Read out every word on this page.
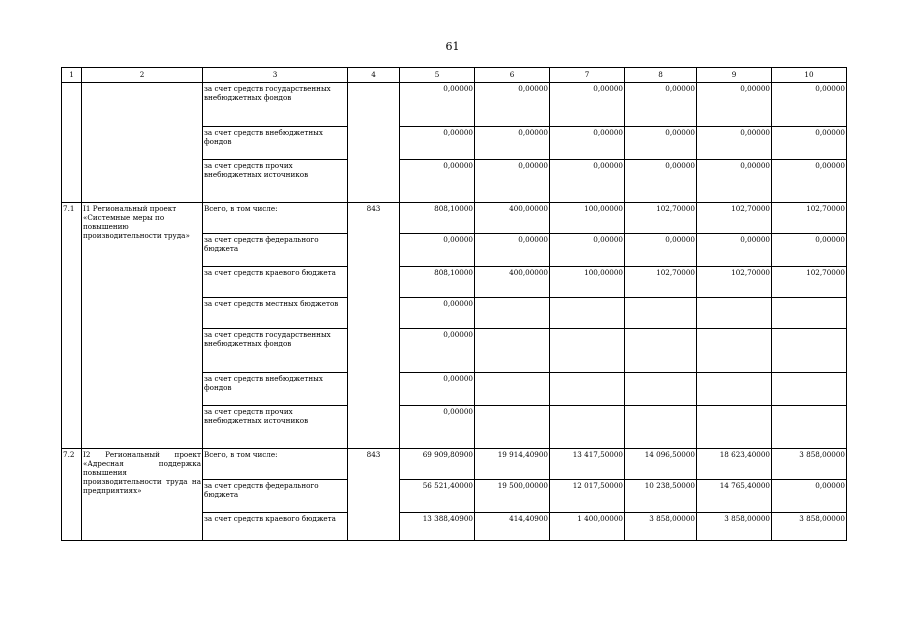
61
1	2	3	4	5	6	7	8	9	10
		за счет средств государственных внебюджетных фондов		0,00000	0,00000	0,00000	0,00000	0,00000	0,00000
		за счет средств внебюджетных фондов		0,00000	0,00000	0,00000	0,00000	0,00000	0,00000
		за счет средств прочих внебюджетных источников		0,00000	0,00000	0,00000	0,00000	0,00000	0,00000
7.1	I1 Региональный проект «Системные меры по повышению производительности труда»	Всего, в том числе:	843	808,10000	400,00000	100,00000	102,70000	102,70000	102,70000
		за счет средств федерального бюджета		0,00000	0,00000	0,00000	0,00000	0,00000	0,00000
		за счет средств краевого бюджета		808,10000	400,00000	100,00000	102,70000	102,70000	102,70000
		за счет средств местных бюджетов		0,00000					
		за счет средств государственных внебюджетных фондов		0,00000					
		за счет средств внебюджетных фондов		0,00000					
		за счет средств прочих внебюджетных источников		0,00000					
7.2	I2 Региональный проект «Адресная поддержка повышения производительности труда на предприятиях»	Всего, в том числе:	843	69 909,80900	19 914,40900	13 417,50000	14 096,50000	18 623,40000	3 858,00000
		за счет средств федерального бюджета		56 521,40000	19 500,00000	12 017,50000	10 238,50000	14 765,40000	0,00000
		за счет средств краевого бюджета		13 388,40900	414,40900	1 400,00000	3 858,00000	3 858,00000	3 858,00000
